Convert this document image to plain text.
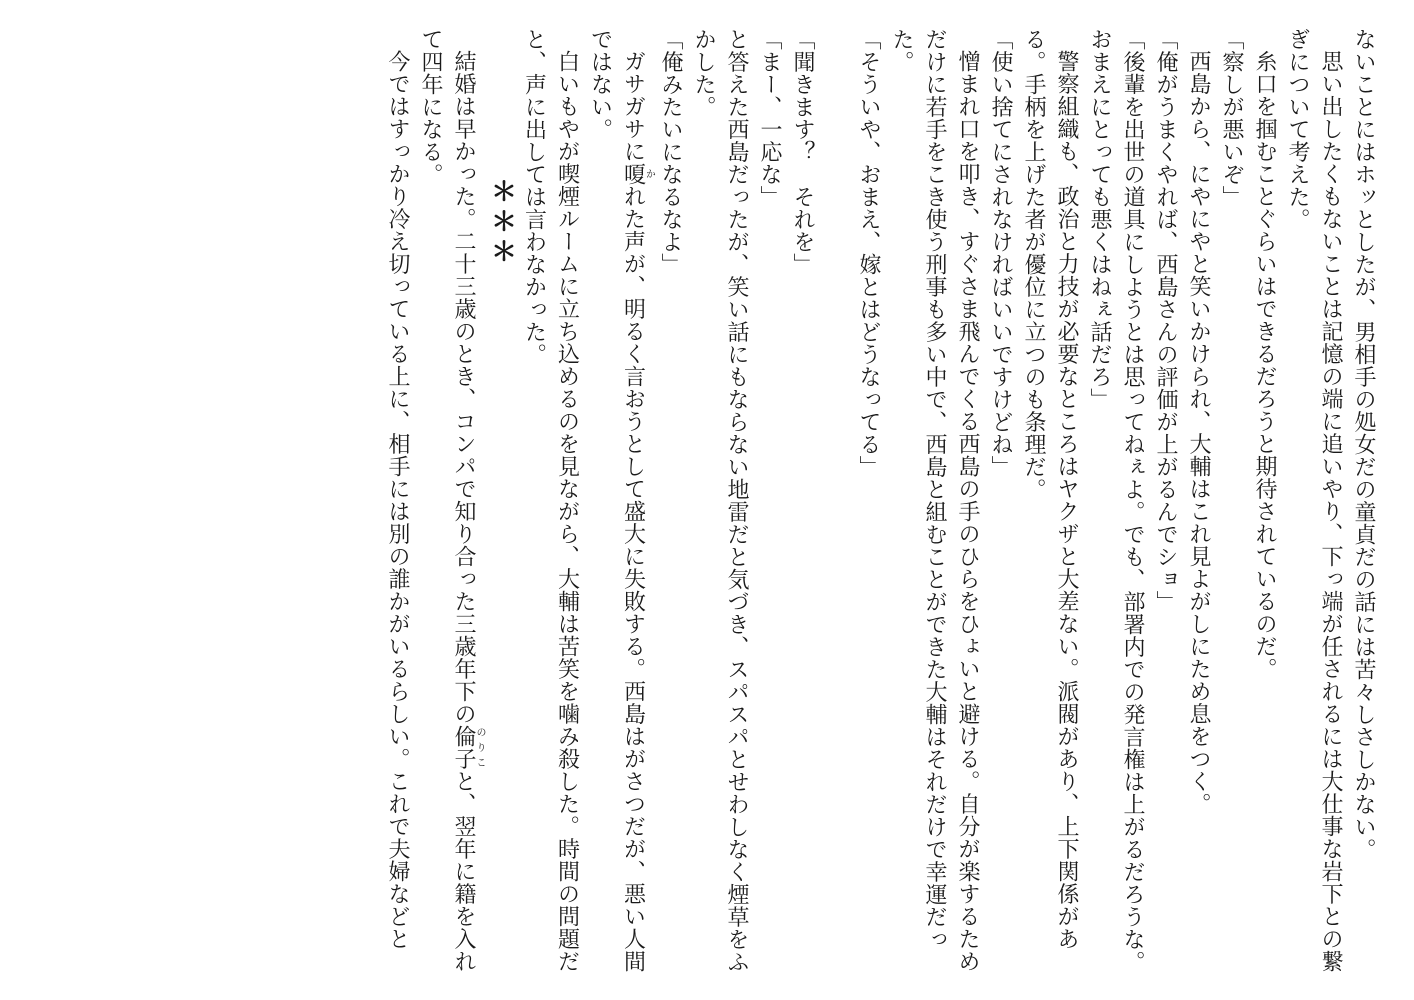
ないことにはホッとしたが、男相手の処女だの童貞だの話には苦々しさしかない。

思い出したくもないことは記憶の端に追いやり、下っ端が任されるには大仕事な岩下との繋ぎについて考えた。

糸口を掴むことぐらいはできるだろうと期待されているのだ。

「察しが悪いぞ」

西島から、にやにやと笑いかけられ、大輔はこれ見よがしにため息をつく。

「俺がうまくやれば、西島さんの評価が上がるんでショ」

「後輩を出世の道具にしようとは思ってねぇよ。でも、部署内での発言権は上がるだろうな。おまえにとっても悪くはねぇ話だろ」

警察組織も、政治と力技が必要なところはヤクザと大差ない。派閥があり、上下関係がある。手柄を上げた者が優位に立つのも条理だ。

「使い捨てにされなければいいですけどね」

憎まれ口を叩き、すぐさま飛んでくる西島の手のひらをひょいと避ける。自分が楽するためだけに若手をこき使う刑事も多い中で、西島と組むことができた大輔はそれだけで幸運だった。

「そういや、おまえ、嫁とはどうなってる」

「聞きます？　それを」

「まー、一応な」

と答えた西島だったが、笑い話にもならない地雷だと気づき、スパスパとせわしなく煙草をふかした。

「俺みたいになるなよ」

ガサガサに嗄かれた声が、明るく言おうとして盛大に失敗する。西島はがさつだが、悪い人間ではない。

白いもやが喫煙ルームに立ち込めるのを見ながら、大輔は苦笑を噛み殺した。時間の問題だと、声に出しては言わなかった。

＊＊＊

結婚は早かった。二十三歳のとき、コンパで知り合った三歳年下の倫子のりこと、翌年に籍を入れて四年になる。

今ではすっかり冷え切っている上に、相手には別の誰かがいるらしい。これで夫婦などと
